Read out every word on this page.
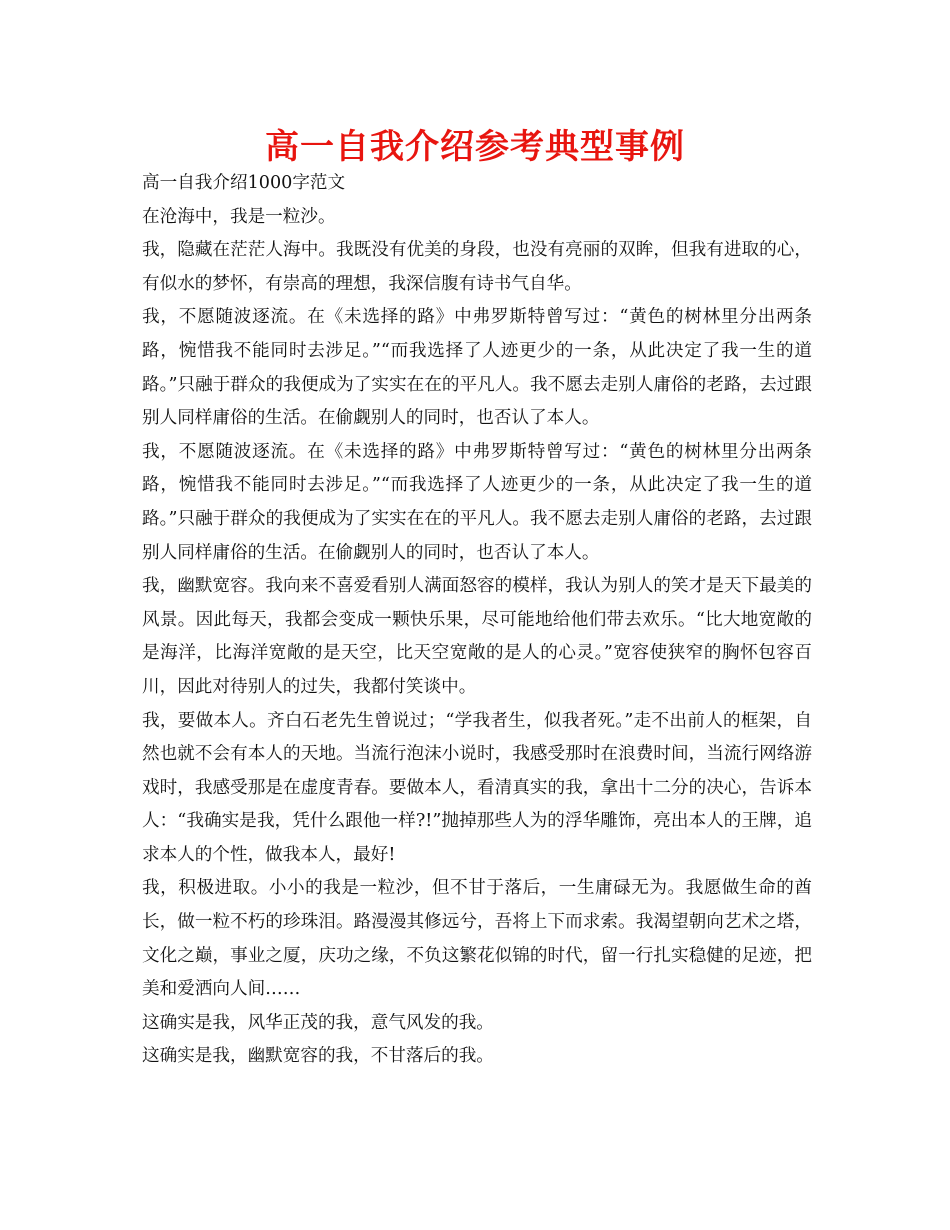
高一自我介绍参考典型事例

高一自我介绍1000字范文

在沧海中，我是一粒沙。

我，隐藏在茫茫人海中。我既没有优美的身段，也没有亮丽的双眸，但我有进取的心，有似水的梦怀，有崇高的理想，我深信腹有诗书气自华。

我，不愿随波逐流。在《未选择的路》中弗罗斯特曾写过：“黄色的树林里分出两条路，惋惜我不能同时去涉足。”“而我选择了人迹更少的一条，从此决定了我一生的道路。”只融于群众的我便成为了实实在在的平凡人。我不愿去走别人庸俗的老路，去过跟别人同样庸俗的生活。在偷觑别人的同时，也否认了本人。

我，不愿随波逐流。在《未选择的路》中弗罗斯特曾写过：“黄色的树林里分出两条路，惋惜我不能同时去涉足。”“而我选择了人迹更少的一条，从此决定了我一生的道路。”只融于群众的我便成为了实实在在的平凡人。我不愿去走别人庸俗的老路，去过跟别人同样庸俗的生活。在偷觑别人的同时，也否认了本人。

我，幽默宽容。我向来不喜爱看别人满面怒容的模样，我认为别人的笑才是天下最美的风景。因此每天，我都会变成一颗快乐果，尽可能地给他们带去欢乐。“比大地宽敞的是海洋，比海洋宽敞的是天空，比天空宽敞的是人的心灵。”宽容使狭窄的胸怀包容百川，因此对待别人的过失，我都付笑谈中。

我，要做本人。齐白石老先生曾说过；“学我者生，似我者死。”走不出前人的框架，自然也就不会有本人的天地。当流行泡沫小说时，我感受那时在浪费时间，当流行网络游戏时，我感受那是在虚度青春。要做本人，看清真实的我，拿出十二分的决心，告诉本人：“我确实是我，凭什么跟他一样?!”抛掉那些人为的浮华雕饰，亮出本人的王牌，追求本人的个性，做我本人，最好!

我，积极进取。小小的我是一粒沙，但不甘于落后，一生庸碌无为。我愿做生命的酋长，做一粒不朽的珍珠泪。路漫漫其修远兮，吾将上下而求索。我渴望朝向艺术之塔，文化之巅，事业之厦，庆功之缘，不负这繁花似锦的时代，留一行扎实稳健的足迹，把美和爱洒向人间……

这确实是我，风华正茂的我，意气风发的我。

这确实是我，幽默宽容的我，不甘落后的我。
